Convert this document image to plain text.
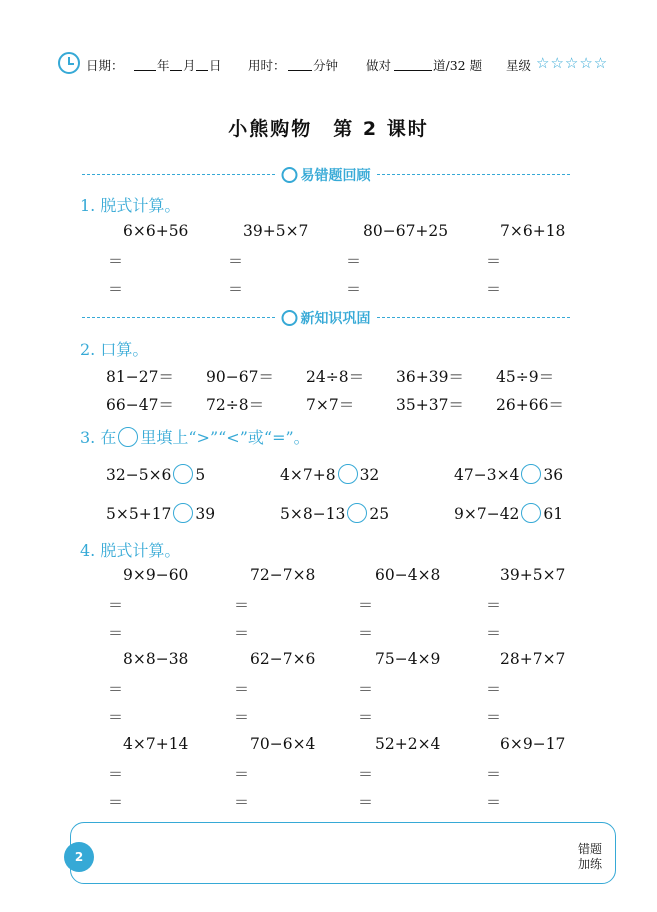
日期：	年 月 日 用时： 分钟 做对	道/32 题 星级 ☆☆☆☆☆
小熊购物　第 2 课时
易错题回顾
1. 脱式计算。
6×6+56
＝
＝
39+5×7
＝
＝
80−67+25
＝
＝
7×6+18
＝
＝
新知识巩固
2. 口算。
81−27＝ 90−67＝ 24÷8＝ 36+39＝ 45÷9＝
66−47＝ 72÷8＝	7×7＝	35+37＝ 26+66＝
3. 在 里填上“>”“<”或“=”。
32−5×6 5	4×7+8 32	47−3×4 36
5×5+17 39	5×8−13 25	9×7−42 61
4. 脱式计算。
9×9−60
＝
＝
72−7×8
＝
＝
60−4×8
＝
＝
39+5×7
＝
＝
8×8−38
＝
＝
62−7×6
＝
＝
75−4×9
＝
＝
28+7×7
＝
＝
4×7+14
＝
＝
70−6×4
＝
＝
52+2×4
＝
＝
6×9−17
＝
＝
2
错题
加练
